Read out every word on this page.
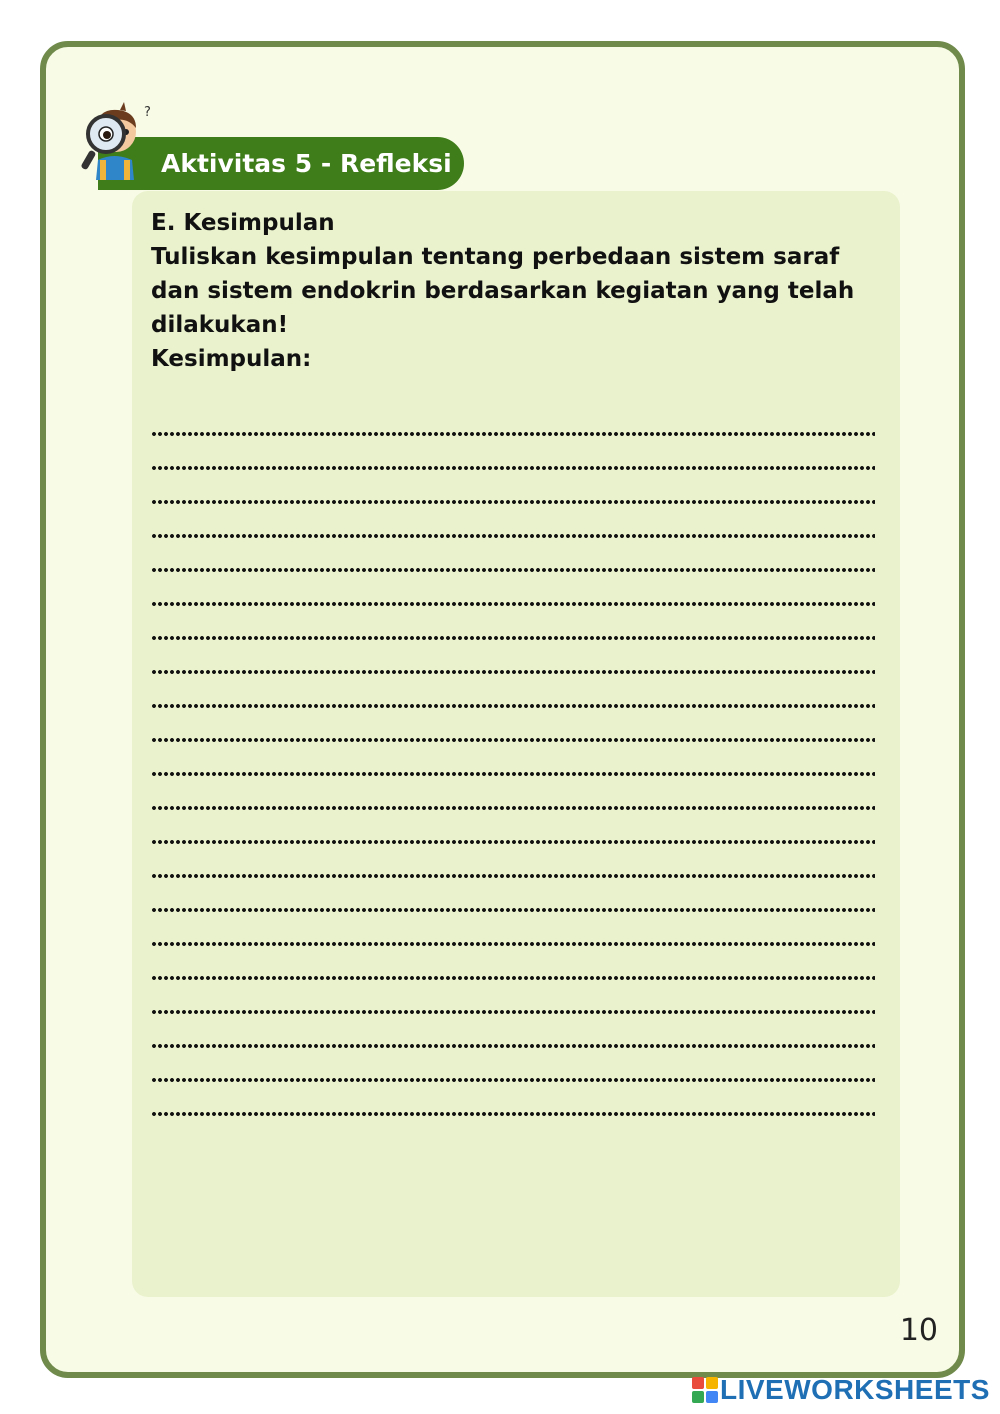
Aktivitas 5 - Refleksi
?

E. Kesimpulan

Tuliskan kesimpulan tentang perbedaan sistem saraf dan sistem endokrin berdasarkan kegiatan yang telah dilakukan!

Kesimpulan:

10
LIVEWORKSHEETS
